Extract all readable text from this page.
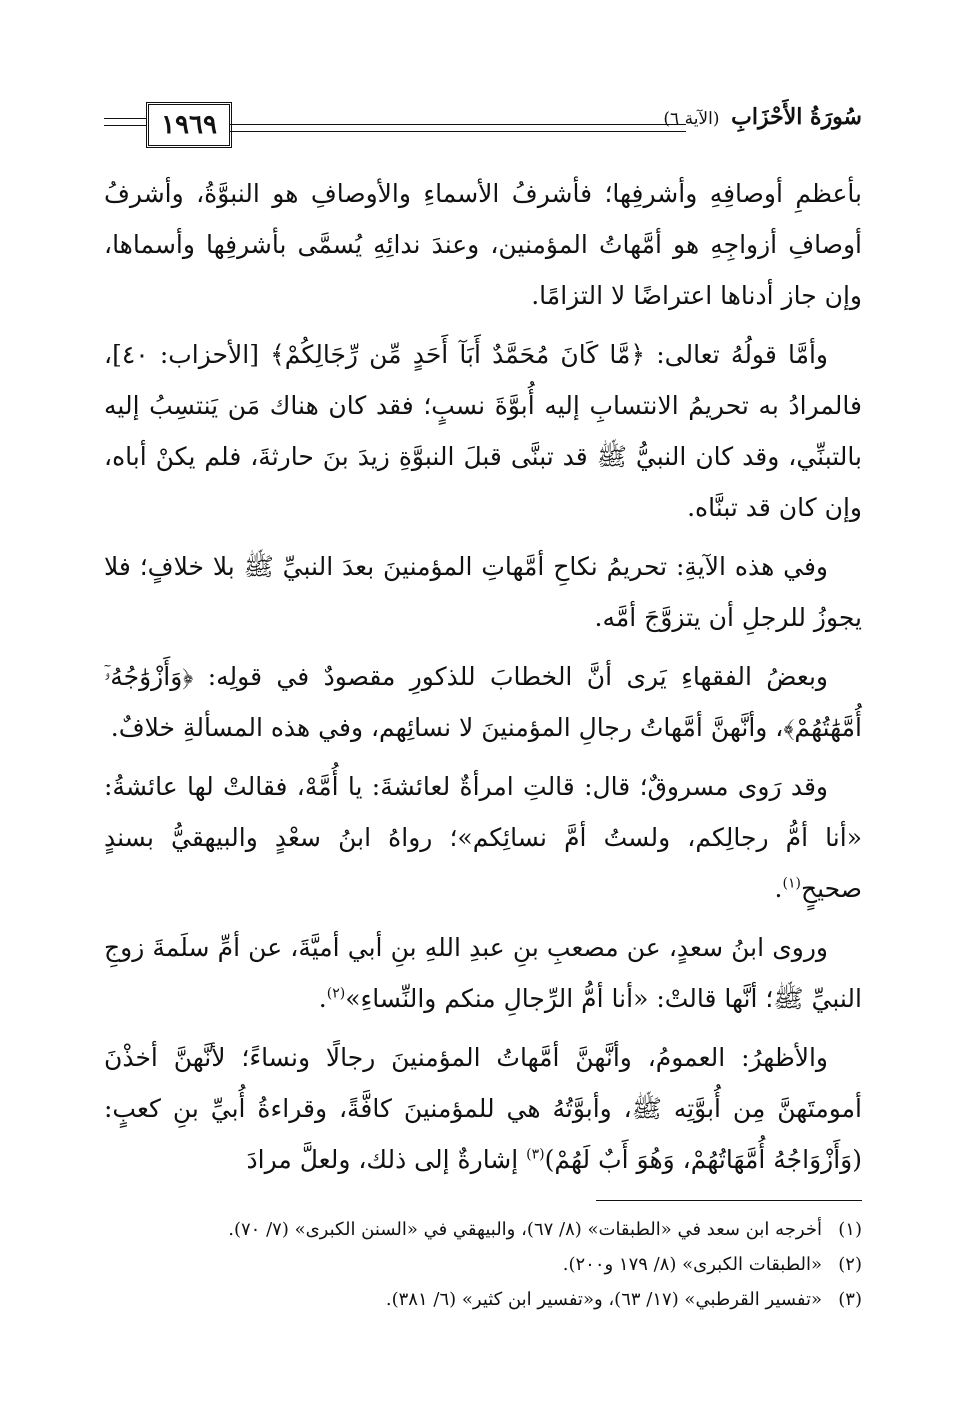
١٩٦٩	سُورَةُ الأَحْزَابِ (الآية ٦)

بأعظمِ أوصافِهِ وأشرفِها؛ فأشرفُ الأسماءِ والأوصافِ هو النبوَّةُ، وأشرفُ أوصافِ أزواجِهِ هو أمَّهاتُ المؤمنين، وعندَ ندائِهِ يُسمَّى بأشرفِها وأسماها، وإن جاز أدناها اعتراضًا لا التزامًا.

وأمَّا قولُهُ تعالى: ﴿مَّا كَانَ مُحَمَّدٌ أَبَآ أَحَدٍ مِّن رِّجَالِكُمْ﴾ [الأحزاب: ٤٠]، فالمرادُ به تحريمُ الانتسابِ إليه أُبوَّةَ نسبٍ؛ فقد كان هناك مَن يَنتسِبُ إليه بالتبنِّي، وقد كان النبيُّ ﷺ قد تبنَّى قبلَ النبوَّةِ زيدَ بنَ حارثةَ، فلم يكنْ أباه، وإن كان قد تبنَّاه.

وفي هذه الآيةِ: تحريمُ نكاحِ أمَّهاتِ المؤمنينَ بعدَ النبيِّ ﷺ بلا خلافٍ؛ فلا يجوزُ للرجلِ أن يتزوَّجَ أمَّه.

وبعضُ الفقهاءِ يَرى أنَّ الخطابَ للذكورِ مقصودٌ في قولِه: ﴿وَأَزْوَٰجُهُۥٓ أُمَّهَٰتُهُمْ﴾، وأنَّهنَّ أمَّهاتُ رجالِ المؤمنينَ لا نسائِهم، وفي هذه المسألةِ خلافٌ.

وقد رَوى مسروقٌ؛ قال: قالتِ امرأةٌ لعائشةَ: يا أُمَّهْ، فقالتْ لها عائشةُ: «أنا أمُّ رجالِكم، ولستُ أمَّ نسائِكم»؛ رواهُ ابنُ سعْدٍ والبيهقيُّ بسندٍ صحيحٍ$^{(١)}$.

وروى ابنُ سعدٍ، عن مصعبِ بنِ عبدِ اللهِ بنِ أبي أميَّةَ، عن أمِّ سلَمةَ زوجِ النبيِّ ﷺ؛ أنَّها قالتْ: «أنا أمُّ الرِّجالِ منكم والنِّساءِ»$^{(٢)}$.

والأظهرُ: العمومُ، وأنَّهنَّ أمَّهاتُ المؤمنينَ رجالًا ونساءً؛ لأنَّهنَّ أخذْنَ أمومتَهنَّ مِن أُبوَّتِه ﷺ، وأبوَّتُهُ هي للمؤمنينَ كافَّةً، وقراءةُ أُبيِّ بنِ كعبٍ: (وَأَزْوَاجُهُ أُمَّهَاتُهُمْ، وَهُوَ أَبٌ لَهُمْ)$^{(٣)}$ إشارةٌ إلى ذلك، ولعلَّ مرادَ

(١)أخرجه ابن سعد في «الطبقات» (٨/ ٦٧)، والبيهقي في «السنن الكبرى» (٧/ ٧٠).
(٢)«الطبقات الكبرى» (٨/ ١٧٩ و٢٠٠).
(٣)«تفسير القرطبي» (١٧/ ٦٣)، و«تفسير ابن كثير» (٦/ ٣٨١).
